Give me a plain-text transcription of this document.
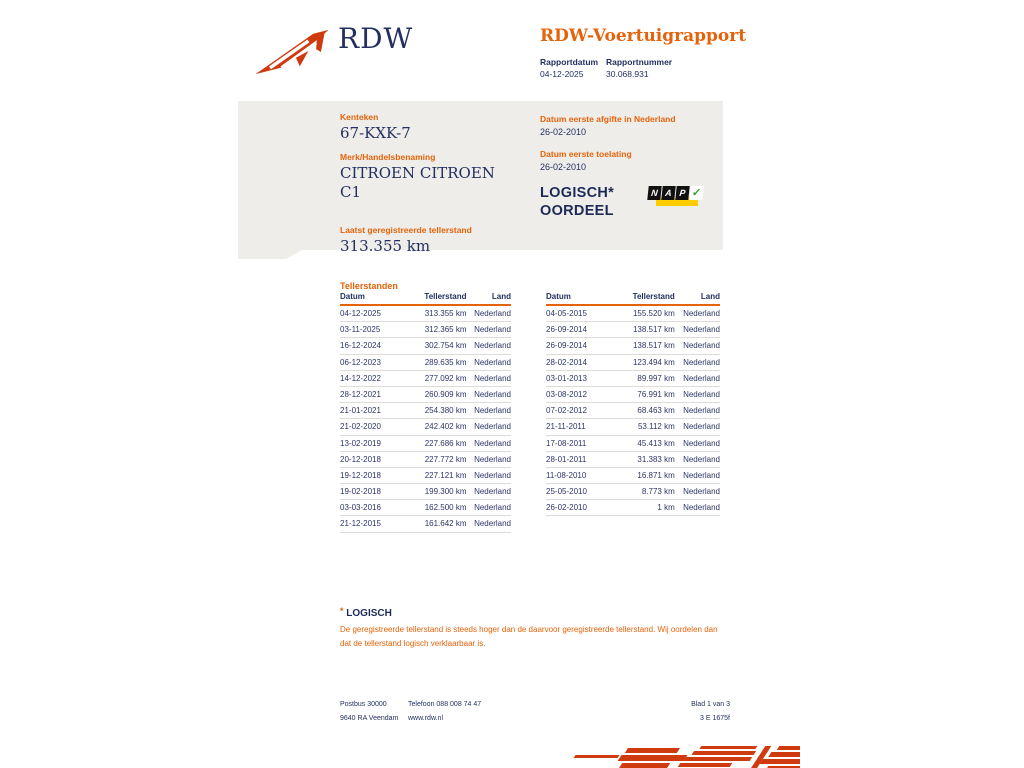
RDW	RDW-Voertuigrapport
Rapportdatum Rapportnummer
04-12-2025	30.068.931
Kenteken
67-KXK-7
Merk/Handelsbenaming
CITROEN CITROEN C1
Laatst geregistreerde tellerstand
313.355 km
Datum eerste afgifte in Nederland
26-02-2010
Datum eerste toelating
26-02-2010
LOGISCH*
OORDEEL
N A P ✓
Tellerstanden
Datum	Tellerstand	Land
04-12-2025	313.355 km	Nederland
03-11-2025	312.365 km	Nederland
16-12-2024	302.754 km	Nederland
06-12-2023	289.635 km	Nederland
14-12-2022	277.092 km	Nederland
28-12-2021	260.909 km	Nederland
21-01-2021	254.380 km	Nederland
21-02-2020	242.402 km	Nederland
13-02-2019	227.686 km	Nederland
20-12-2018	227.772 km	Nederland
19-12-2018	227.121 km	Nederland
19-02-2018	199.300 km	Nederland
03-03-2016	162.500 km	Nederland
21-12-2015	161.642 km	Nederland
Datum	Tellerstand	Land
04-05-2015	155.520 km	Nederland
26-09-2014	138.517 km	Nederland
26-09-2014	138.517 km	Nederland
28-02-2014	123.494 km	Nederland
03-01-2013	89.997 km	Nederland
03-08-2012	76.991 km	Nederland
07-02-2012	68.463 km	Nederland
21-11-2011	53.112 km	Nederland
17-08-2011	45.413 km	Nederland
28-01-2011	31.383 km	Nederland
11-08-2010	16.871 km	Nederland
25-05-2010	8.773 km	Nederland
26-02-2010	1 km	Nederland
* LOGISCH
De geregistreerde tellerstand is steeds hoger dan de daarvoor geregistreerde tellerstand. Wij oordelen dan
dat de tellerstand logisch verklaarbaar is.
Postbus 30000
9640 RA Veendam
Telefoon 088 008 74 47
www.rdw.nl
Blad 1 van 3
3 E 1675f
